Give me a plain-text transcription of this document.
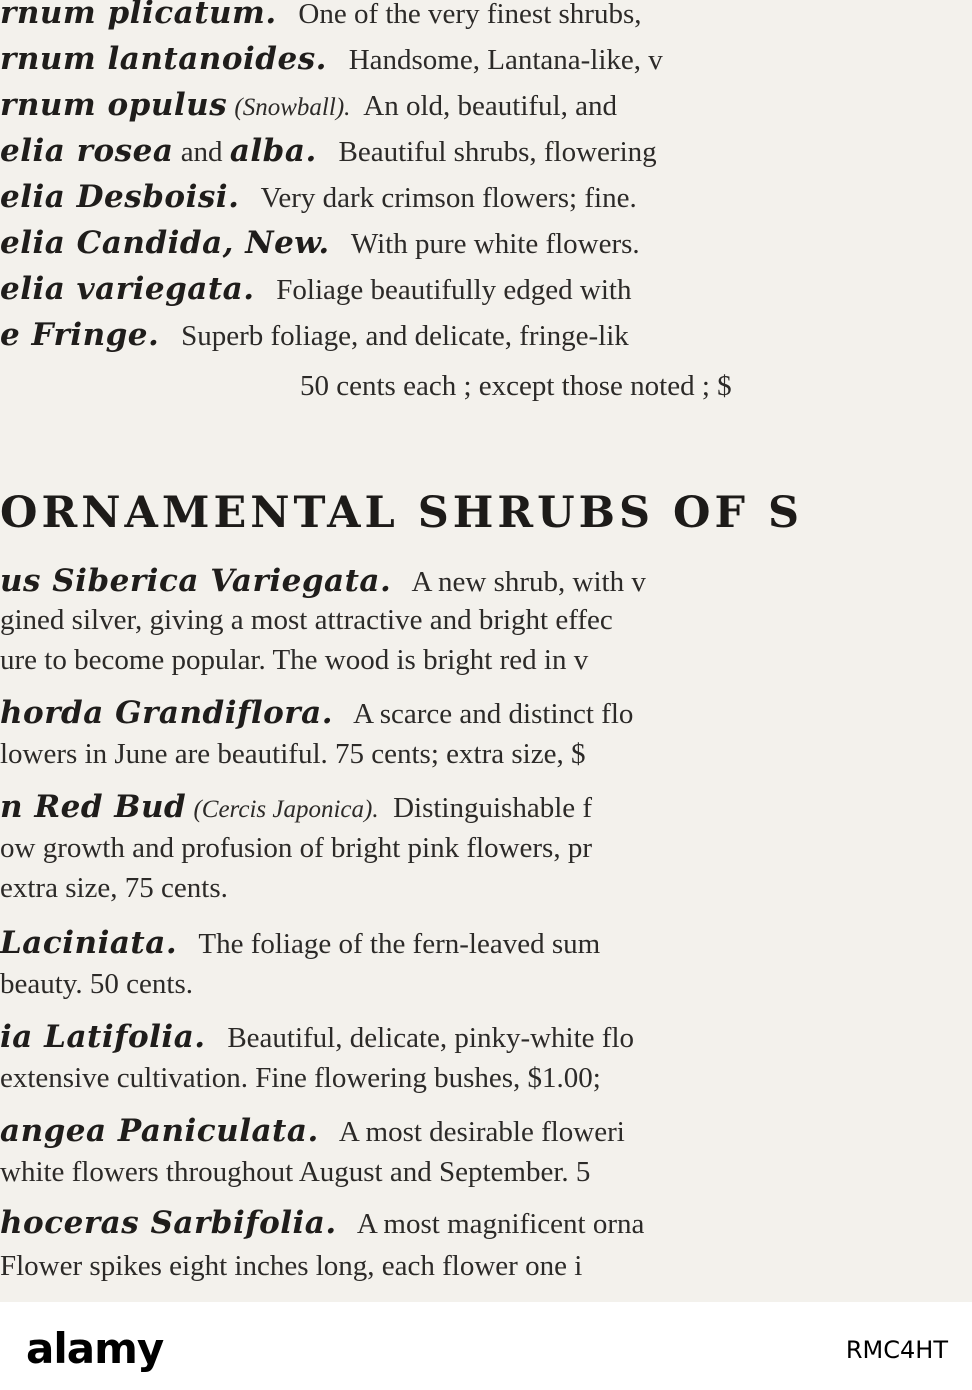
rnum plicatum. One of the very finest shrubs,
rnum lantanoides. Handsome, Lantana-like, v
rnum opulus (Snowball). An old, beautiful, and
elia rosea and alba. Beautiful shrubs, flowering
elia Desboisi. Very dark crimson flowers; fine.
elia Candida, New. With pure white flowers.
elia variegata. Foliage beautifully edged with
e Fringe. Superb foliage, and delicate, fringe-lik
50 cents each ; except those noted ; $
ORNAMENTAL SHRUBS OF S
us Siberica Variegata. A new shrub, with v
gined silver, giving a most attractive and bright effec
ure to become popular. The wood is bright red in v
horda Grandiflora. A scarce and distinct flo
lowers in June are beautiful. 75 cents; extra size, $
n Red Bud (Cercis Japonica). Distinguishable f
ow growth and profusion of bright pink flowers, pr
extra size, 75 cents.
Laciniata. The foliage of the fern-leaved sum
beauty. 50 cents.
ia Latifolia. Beautiful, delicate, pinky-white flo
extensive cultivation. Fine flowering bushes, $1.00;
angea Paniculata. A most desirable floweri
white flowers throughout August and September. 5
hoceras Sarbifolia. A most magnificent orna
Flower spikes eight inches long, each flower one i
alamy	RMC4HT
